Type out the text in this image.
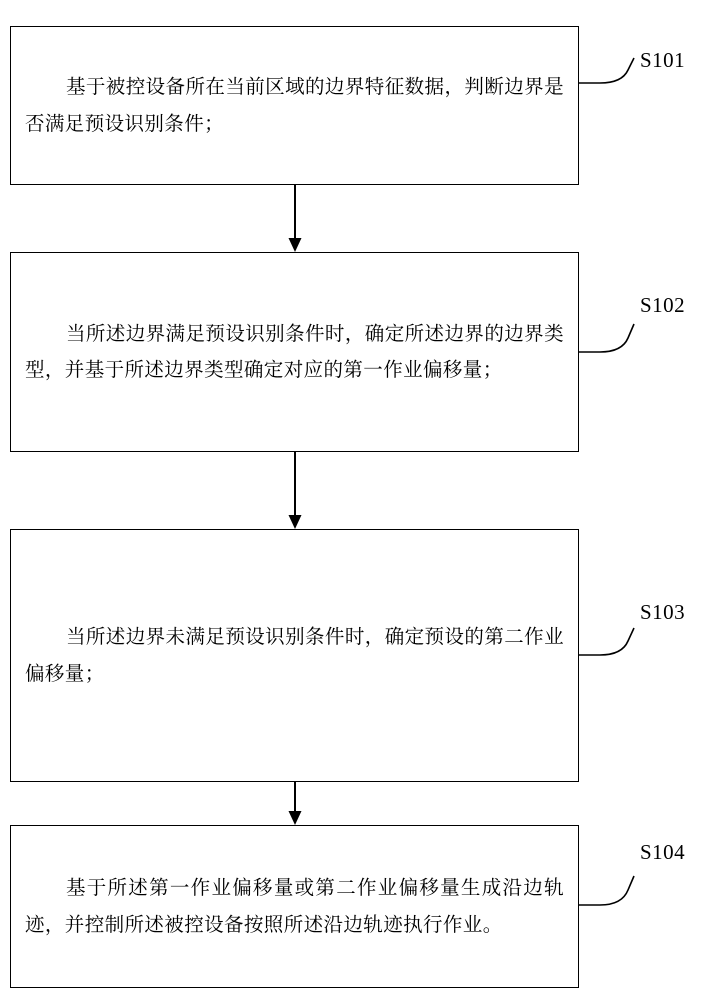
基于被控设备所在当前区域的边界特征数据，判断边界是否满足预设识别条件；
S101
当所述边界满足预设识别条件时，确定所述边界的边界类型，并基于所述边界类型确定对应的第一作业偏移量；
S102
当所述边界未满足预设识别条件时，确定预设的第二作业偏移量；
S103
基于所述第一作业偏移量或第二作业偏移量生成沿边轨迹，并控制所述被控设备按照所述沿边轨迹执行作业。
S104
